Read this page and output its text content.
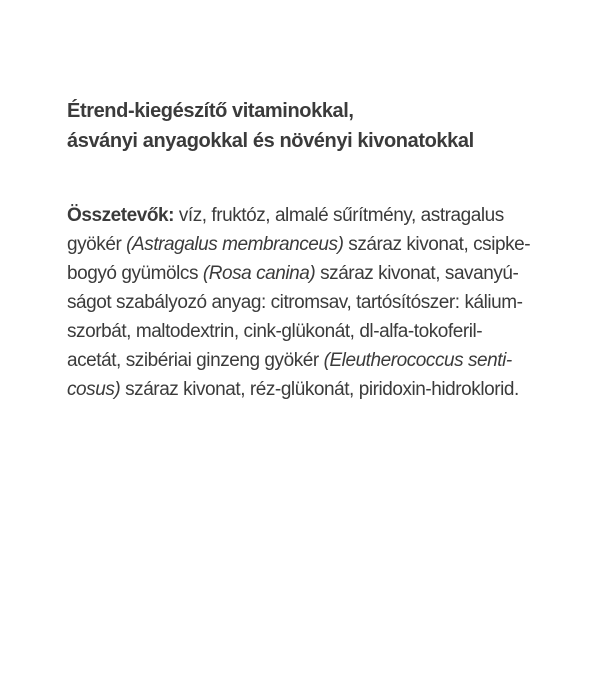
Étrend-kiegészítő vitaminokkal,
ásványi anyagokkal és növényi kivonatokkal

Összetevők: víz, fruktóz, almalé sűrítmény, astragalus
gyökér (Astragalus membranceus) száraz kivonat, csipke-
bogyó gyümölcs (Rosa canina) száraz kivonat, savanyú-
ságot szabályozó anyag: citromsav, tartósítószer: kálium-
szorbát, maltodextrin, cink-glükonát, dl-alfa-tokoferil-
acetát, szibériai ginzeng gyökér (Eleutherococcus senti-
cosus) száraz kivonat, réz-glükonát, piridoxin-hidroklorid.
